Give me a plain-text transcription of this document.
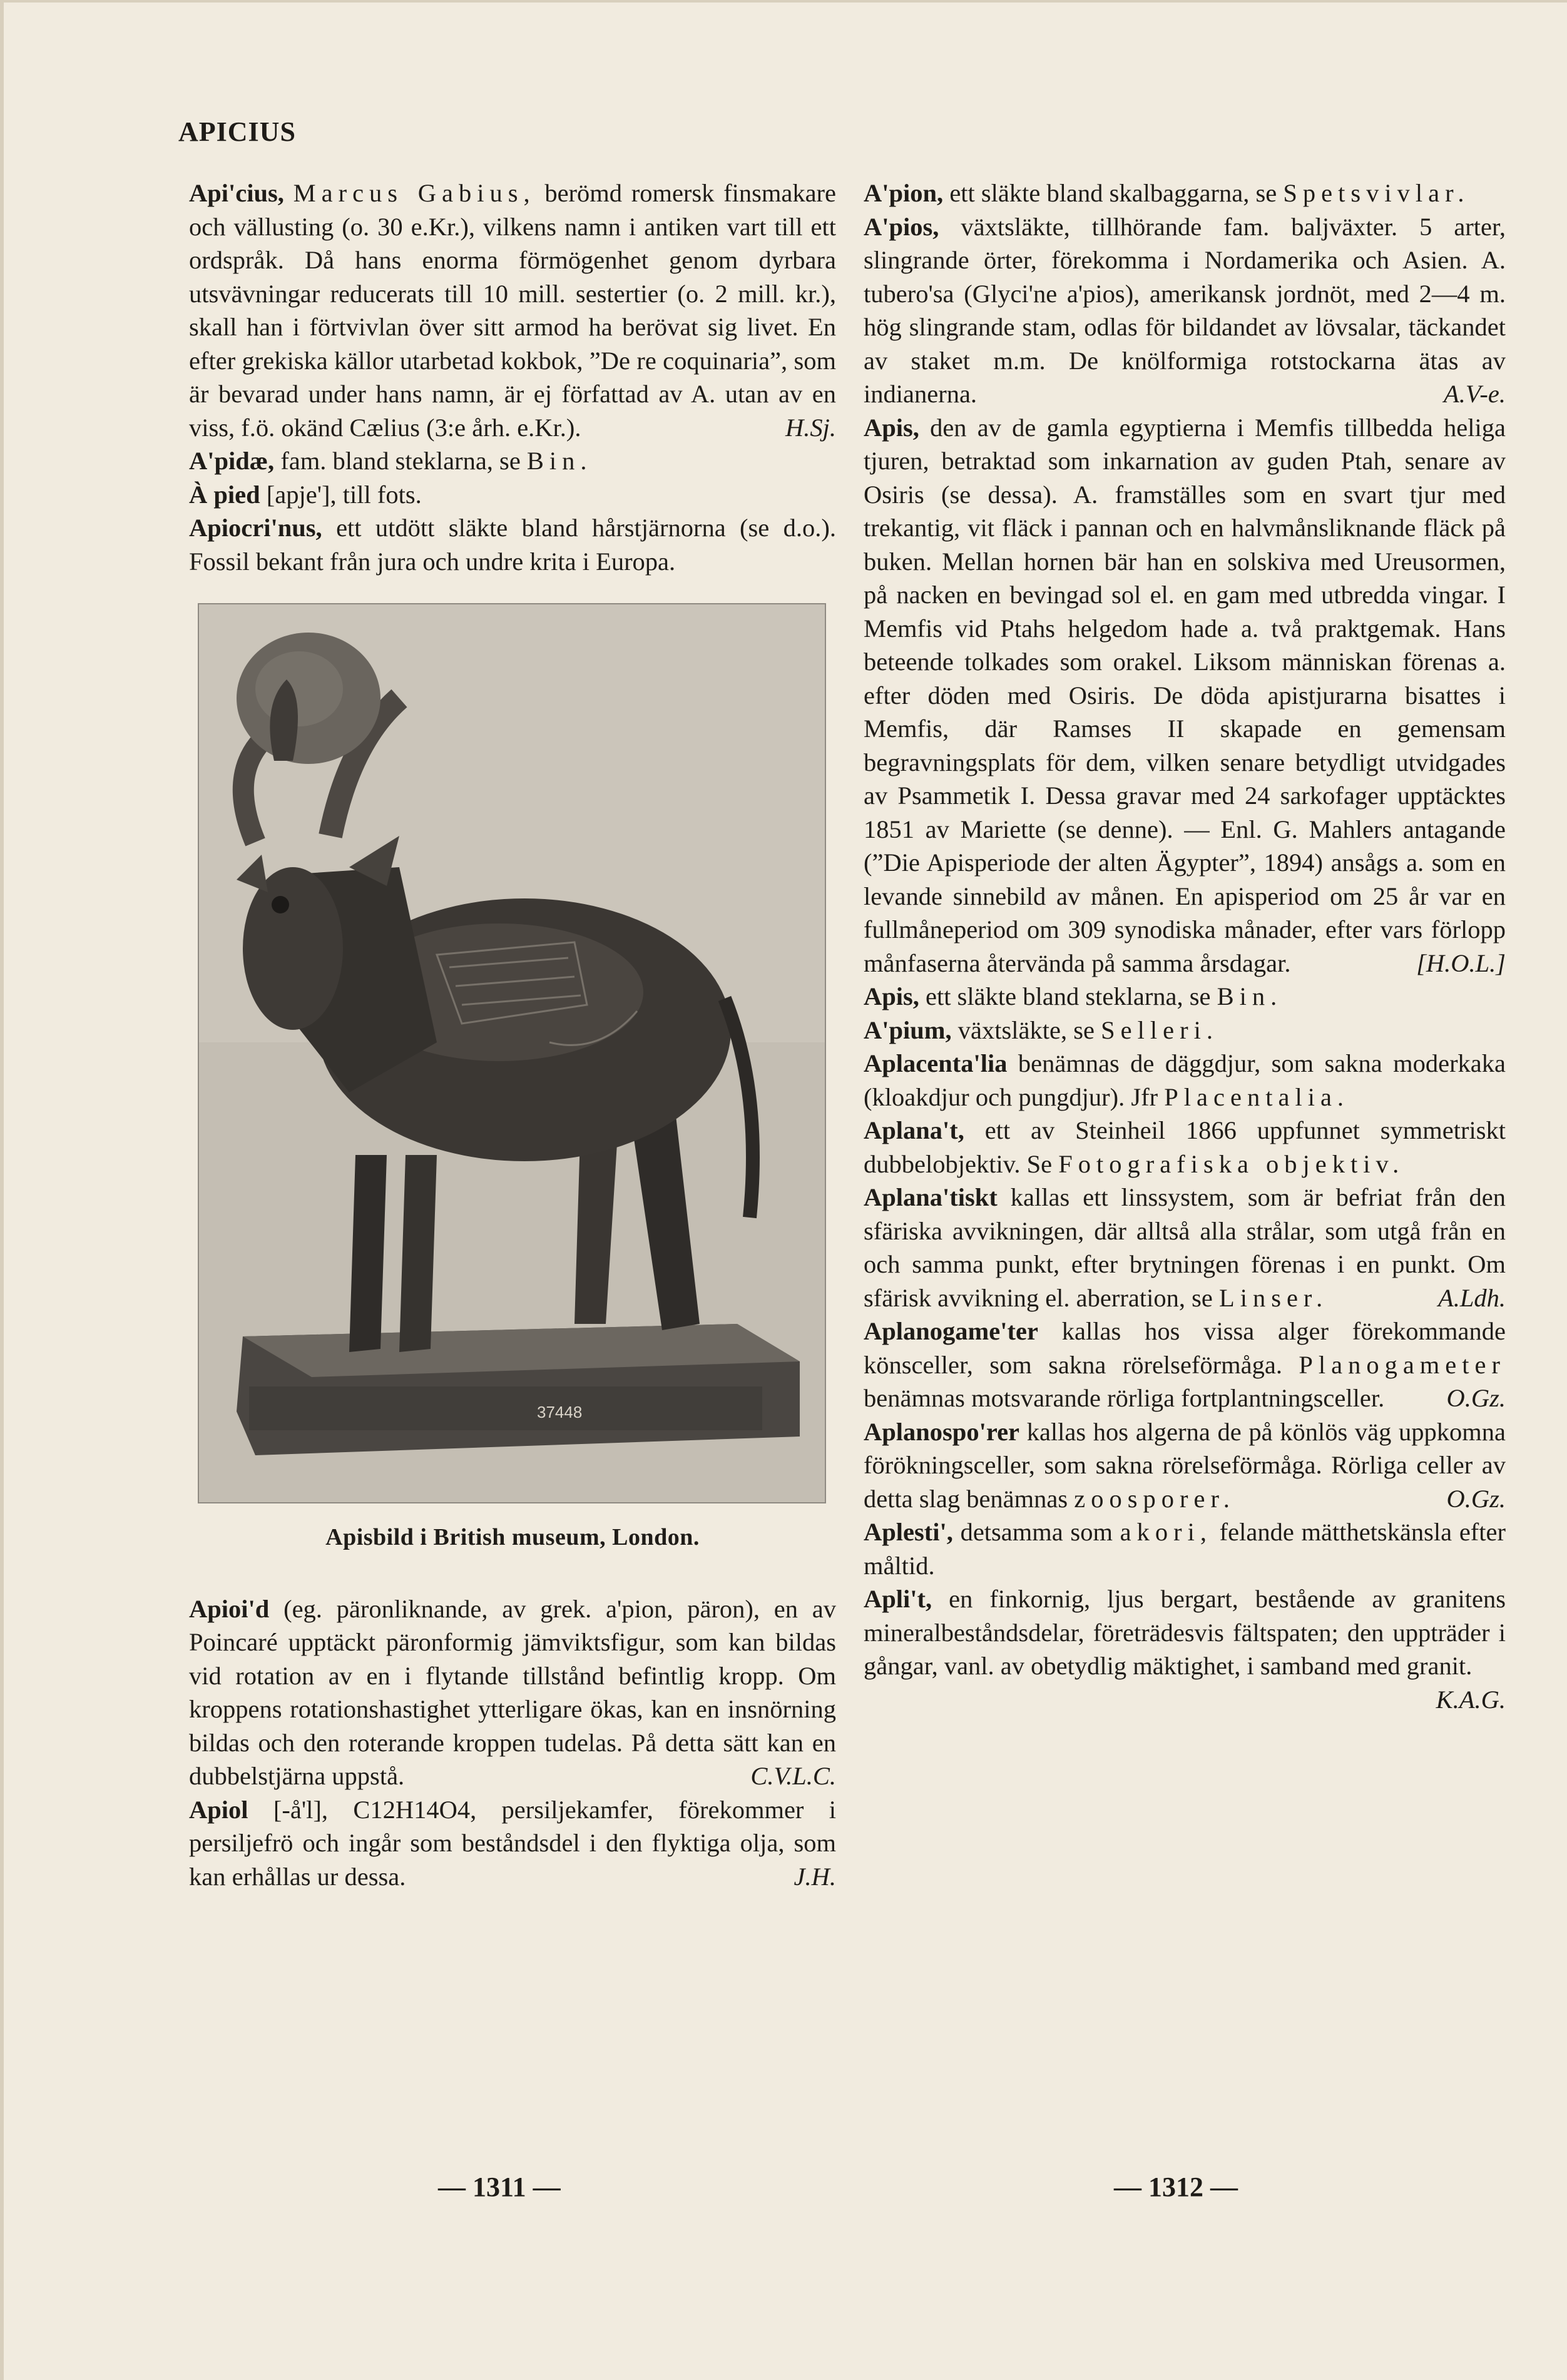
APICIUS

Api'cius, Marcus Gabius, berömd romersk finsmakare och vällusting (o. 30 e.Kr.), vilkens namn i antiken vart till ett ordspråk. Då hans enorma förmögenhet genom dyrbara utsvävningar reducerats till 10 mill. sestertier (o. 2 mill. kr.), skall han i förtvivlan över sitt armod ha berövat sig livet. En efter grekiska källor utarbetad kokbok, ”De re coquinaria”, som är bevarad under hans namn, är ej författad av A. utan av en viss, f.ö. okänd Cælius (3:e årh. e.Kr.).	H.Sj.

A'pidæ, fam. bland steklarna, se Bin.

À pied [apje'], till fots.

Apiocri'nus, ett utdött släkte bland hårstjärnorna (se d.o.). Fossil bekant från jura och undre krita i Europa.

37448
Apisbild i British museum, London.

Apioi'd (eg. päronliknande, av grek. a'pion, päron), en av Poincaré upptäckt päronformig jämviktsfigur, som kan bildas vid rotation av en i flytande tillstånd befintlig kropp. Om kroppens rotationshastighet ytterligare ökas, kan en insnörning bildas och den roterande kroppen tudelas. På detta sätt kan en dubbelstjärna uppstå.	C.V.L.C.

Apiol [-å'l], C12H14O4, persiljekamfer, förekommer i persiljefrö och ingår som beståndsdel i den flyktiga olja, som kan erhållas ur dessa.	J.H.

A'pion, ett släkte bland skalbaggarna, se Spetsvivlar.

A'pios, växtsläkte, tillhörande fam. baljväxter. 5 arter, slingrande örter, förekomma i Nordamerika och Asien. A. tubero'sa (Glyci'ne a'pios), amerikansk jordnöt, med 2—4 m. hög slingrande stam, odlas för bildandet av lövsalar, täckandet av staket m.m. De knölformiga rotstockarna ätas av indianerna.	A.V-e.

Apis, den av de gamla egyptierna i Memfis tillbedda heliga tjuren, betraktad som inkarnation av guden Ptah, senare av Osiris (se dessa). A. framställes som en svart tjur med trekantig, vit fläck i pannan och en halvmånsliknande fläck på buken. Mellan hornen bär han en solskiva med Ureusormen, på nacken en bevingad sol el. en gam med utbredda vingar. I Memfis vid Ptahs helgedom hade a. två praktgemak. Hans beteende tolkades som orakel. Liksom människan förenas a. efter döden med Osiris. De döda apistjurarna bisattes i Memfis, där Ramses II skapade en gemensam begravningsplats för dem, vilken senare betydligt utvidgades av Psammetik I. Dessa gravar med 24 sarkofager upptäcktes 1851 av Mariette (se denne). — Enl. G. Mahlers antagande (”Die Apisperiode der alten Ägypter”, 1894) ansågs a. som en levande sinnebild av månen. En apisperiod om 25 år var en fullmåneperiod om 309 synodiska månader, efter vars förlopp månfaserna återvända på samma årsdagar.	[H.O.L.]

Apis, ett släkte bland steklarna, se Bin.

A'pium, växtsläkte, se Selleri.

Aplacenta'lia benämnas de däggdjur, som sakna moderkaka (kloakdjur och pungdjur). Jfr Placentalia.

Aplana't, ett av Steinheil 1866 uppfunnet symmetriskt dubbelobjektiv. Se Fotografiska objektiv.

Aplana'tiskt kallas ett linssystem, som är befriat från den sfäriska avvikningen, där alltså alla strålar, som utgå från en och samma punkt, efter brytningen förenas i en punkt. Om sfärisk avvikning el. aberration, se Linser.	A.Ldh.

Aplanogame'ter kallas hos vissa alger förekommande könsceller, som sakna rörelseförmåga. Planogameter benämnas motsvarande rörliga fortplantningsceller.	O.Gz.

Aplanospo'rer kallas hos algerna de på könlös väg uppkomna förökningsceller, som sakna rörelseförmåga. Rörliga celler av detta slag benämnas zoosporer.	O.Gz.

Aplesti', detsamma som akori, felande mätthetskänsla efter måltid.

Apli't, en finkornig, ljus bergart, bestående av granitens mineralbeståndsdelar, företrädesvis fältspaten; den uppträder i gångar, vanl. av obetydlig mäktighet, i samband med granit.
K.A.G.

— 1311 —	— 1312 —
